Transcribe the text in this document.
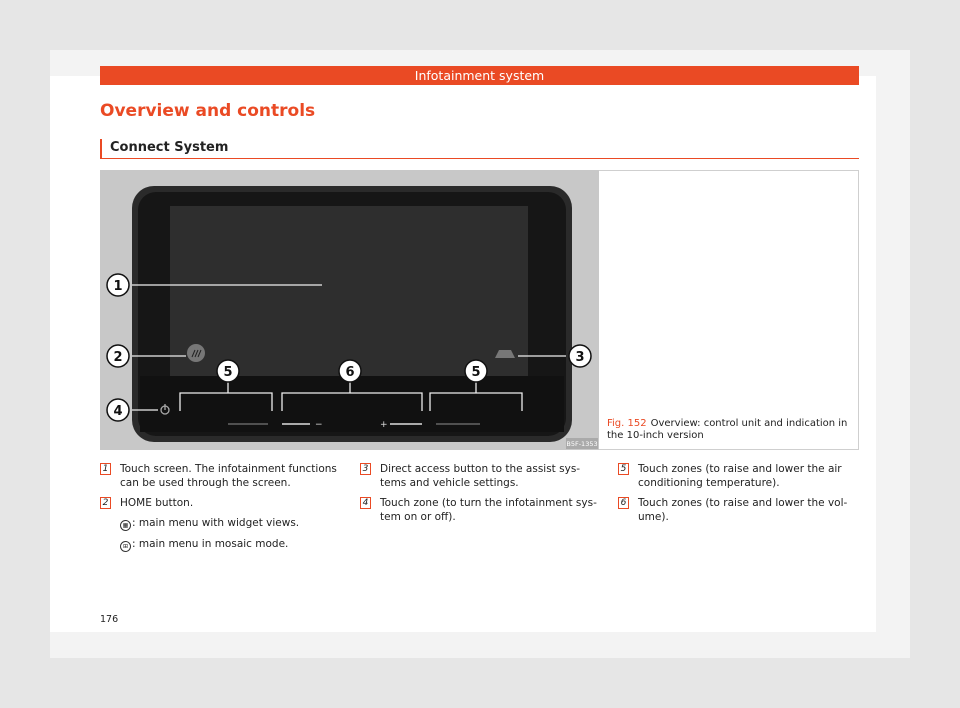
Infotainment system
Overview and controls
Connect System
−	+
1
2	3
4
5	6	5
B5F-1353
Fig. 152 Overview: control unit and indication in the 10-inch version
1 Touch screen. The infotainment functions can be used through the screen.
2 HOME button.
▦ : main menu with widget views.
⊞ : main menu in mosaic mode.
3 Direct access button to the assist sys-tems and vehicle settings.
4 Touch zone (to turn the infotainment sys-tem on or off).
5 Touch zones (to raise and lower the air conditioning temperature).
6 Touch zones (to raise and lower the vol-ume).
176
